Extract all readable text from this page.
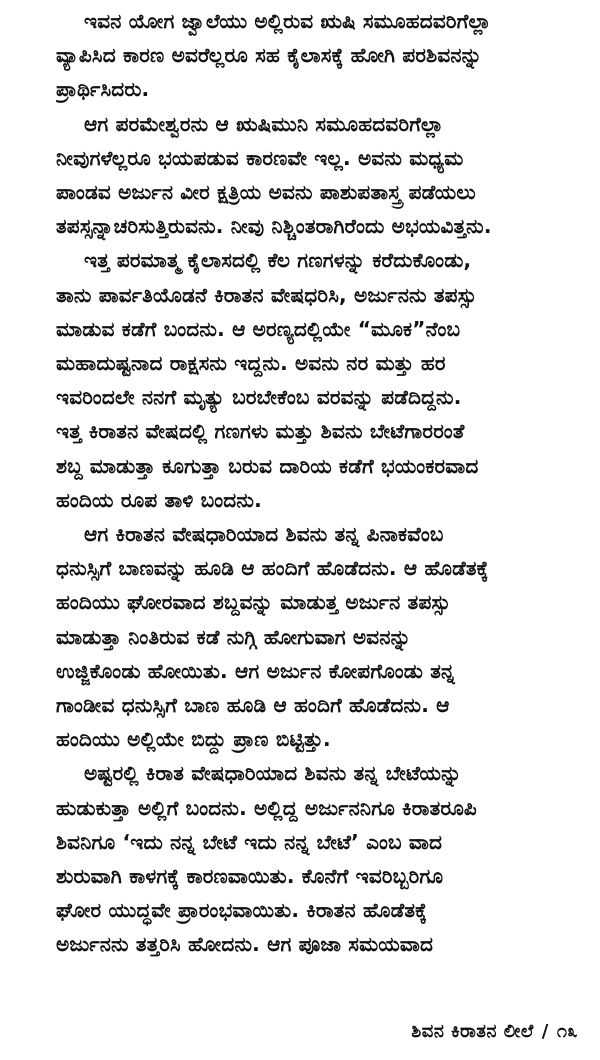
ಇವನ ಯೋಗ ಜ್ವಾಲೆಯು ಅಲ್ಲಿರುವ ಋಷಿ ಸಮೂಹದವರಿಗೆಲ್ಲಾ
ವ್ಯಾಪಿಸಿದ ಕಾರಣ ಅವರೆಲ್ಲರೂ ಸಹ ಕೈಲಾಸಕ್ಕೆ ಹೋಗಿ ಪರಶಿವನನ್ನು
ಪ್ರಾರ್ಥಿಸಿದರು.

ಆಗ ಪರಮೇಶ್ವರನು ಆ ಋಷಿಮುನಿ ಸಮೂಹದವರಿಗೆಲ್ಲಾ
ನೀವುಗಳೆಲ್ಲರೂ ಭಯಪಡುವ ಕಾರಣವೇ ಇಲ್ಲ. ಅವನು ಮಧ್ಯಮ
ಪಾಂಡವ ಅರ್ಜುನ ವೀರ ಕ್ಷತ್ರಿಯ ಅವನು ಪಾಶುಪತಾಸ್ತ್ರ ಪಡೆಯಲು
ತಪಸ್ಸನ್ನಾಚರಿಸುತ್ತಿರುವನು. ನೀವು ನಿಶ್ಚಿಂತರಾಗಿರೆಂದು ಅಭಯವಿತ್ತನು.

ಇತ್ತ ಪರಮಾತ್ಮ ಕೈಲಾಸದಲ್ಲಿ ಕೆಲ ಗಣಗಳನ್ನು ಕರೆದುಕೊಂಡು,
ತಾನು ಪಾರ್ವತಿಯೊಡನೆ ಕಿರಾತನ ವೇಷಧರಿಸಿ, ಅರ್ಜುನನು ತಪಸ್ಸು
ಮಾಡುವ ಕಡೆಗೆ ಬಂದನು. ಆ ಅರಣ್ಯದಲ್ಲಿಯೇ “ಮೂಕ”ನೆಂಬ
ಮಹಾದುಷ್ಟನಾದ ರಾಕ್ಷಸನು ಇದ್ದನು. ಅವನು ನರ ಮತ್ತು ಹರ
ಇವರಿಂದಲೇ ನನಗೆ ಮೃತ್ಯು ಬರಬೇಕೆಂಬ ವರವನ್ನು ಪಡೆದಿದ್ದನು.
ಇತ್ತ ಕಿರಾತನ ವೇಷದಲ್ಲಿ ಗಣಗಳು ಮತ್ತು ಶಿವನು ಬೇಟೆಗಾರರಂತೆ
ಶಬ್ದ ಮಾಡುತ್ತಾ ಕೂಗುತ್ತಾ ಬರುವ ದಾರಿಯ ಕಡೆಗೆ ಭಯಂಕರವಾದ
ಹಂದಿಯ ರೂಪ ತಾಳಿ ಬಂದನು.

ಆಗ ಕಿರಾತನ ವೇಷಧಾರಿಯಾದ ಶಿವನು ತನ್ನ ಪಿನಾಕವೆಂಬ
ಧನುಸ್ಸಿಗೆ ಬಾಣವನ್ನು ಹೂಡಿ ಆ ಹಂದಿಗೆ ಹೊಡೆದನು. ಆ ಹೊಡೆತಕ್ಕೆ
ಹಂದಿಯು ಘೋರವಾದ ಶಬ್ದವನ್ನು ಮಾಡುತ್ತ ಅರ್ಜುನ ತಪಸ್ಸು
ಮಾಡುತ್ತಾ ನಿಂತಿರುವ ಕಡೆ ನುಗ್ಗಿ ಹೋಗುವಾಗ ಅವನನ್ನು
ಉಜ್ಜಿಕೊಂಡು ಹೋಯಿತು. ಆಗ ಅರ್ಜುನ ಕೋಪಗೊಂಡು ತನ್ನ
ಗಾಂಡೀವ ಧನುಸ್ಸಿಗೆ ಬಾಣ ಹೂಡಿ ಆ ಹಂದಿಗೆ ಹೊಡೆದನು. ಆ
ಹಂದಿಯು ಅಲ್ಲಿಯೇ ಬಿದ್ದು ಪ್ರಾಣ ಬಿಟ್ಟಿತ್ತು.

ಅಷ್ಟರಲ್ಲಿ ಕಿರಾತ ವೇಷಧಾರಿಯಾದ ಶಿವನು ತನ್ನ ಬೇಟೆಯನ್ನು
ಹುಡುಕುತ್ತಾ ಅಲ್ಲಿಗೆ ಬಂದನು. ಅಲ್ಲಿದ್ದ ಅರ್ಜುನನಿಗೂ ಕಿರಾತರೂಪಿ
ಶಿವನಿಗೂ ‘ಇದು ನನ್ನ ಬೇಟೆ ಇದು ನನ್ನ ಬೇಟೆ’ ಎಂಬ ವಾದ
ಶುರುವಾಗಿ ಕಾಳಗಕ್ಕೆ ಕಾರಣವಾಯಿತು. ಕೊನೆಗೆ ಇವರಿಬ್ಬರಿಗೂ
ಘೋರ ಯುದ್ಧವೇ ಪ್ರಾರಂಭವಾಯಿತು. ಕಿರಾತನ ಹೊಡೆತಕ್ಕೆ
ಅರ್ಜುನನು ತತ್ತರಿಸಿ ಹೋದನು. ಆಗ ಪೂಜಾ ಸಮಯವಾದ

ಶಿವನ ಕಿರಾತನ ಲೀಲೆ / ೧೩
